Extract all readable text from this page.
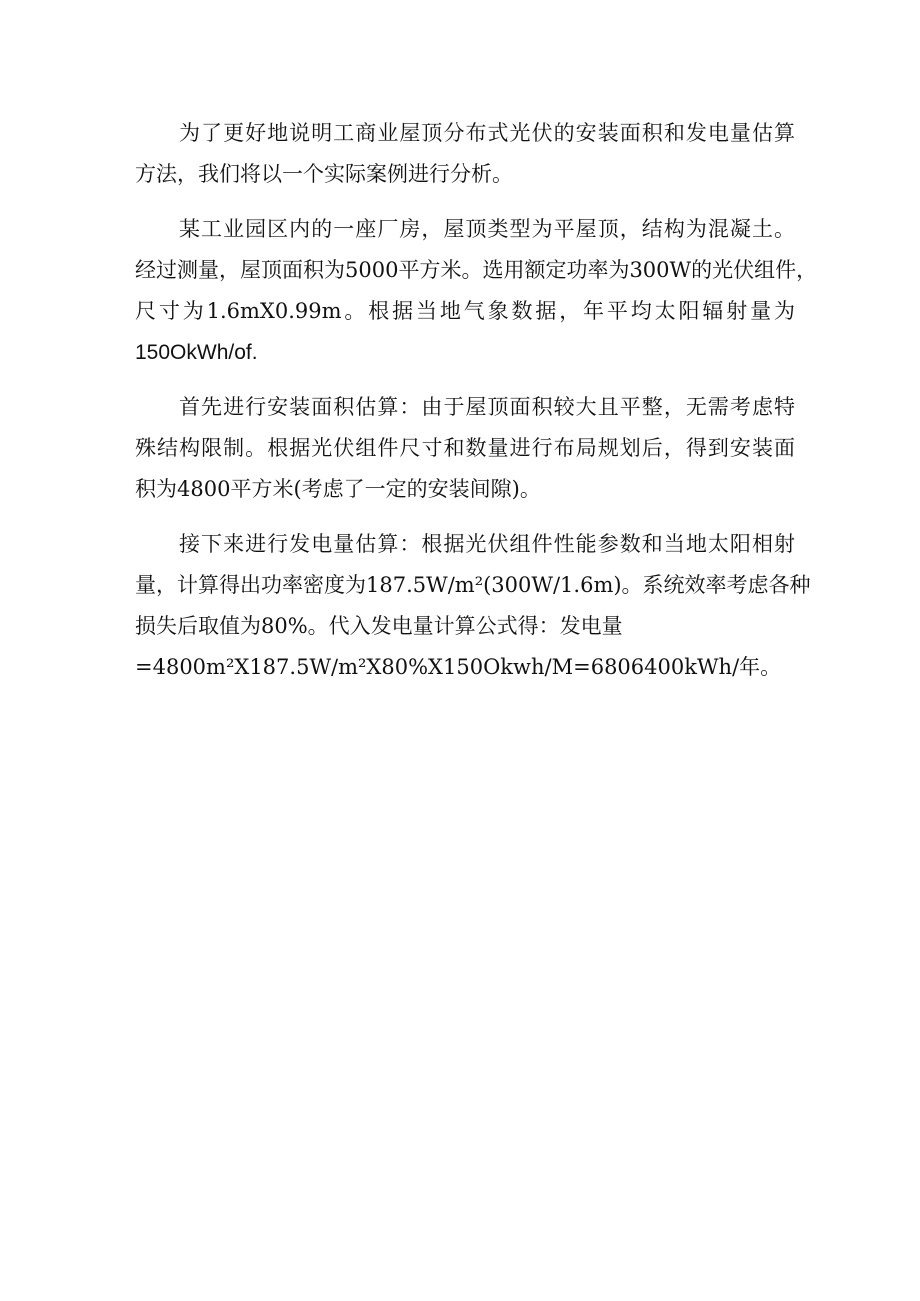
为了更好地说明工商业屋顶分布式光伏的安装面积和发电量估算
方法，我们将以一个实际案例进行分析。

某工业园区内的一座厂房，屋顶类型为平屋顶，结构为混凝土。
经过测量，屋顶面积为5000平方米。选用额定功率为300W的光伏组件，
尺寸为1.6mX0.99m。根据当地气象数据，年平均太阳辐射量为
150OkWh/of.

首先进行安装面积估算：由于屋顶面积较大且平整，无需考虑特
殊结构限制。根据光伏组件尺寸和数量进行布局规划后，得到安装面
积为4800平方米(考虑了一定的安装间隙)。

接下来进行发电量估算：根据光伏组件性能参数和当地太阳相射
量，计算得出功率密度为187.5W∕m²(300W∕1.6m)。系统效率考虑各种
损失后取值为80%。代入发电量计算公式得：发电量
=4800m²X187.5W∕m²X80%X150Okwh/M=6806400kWh/年。
